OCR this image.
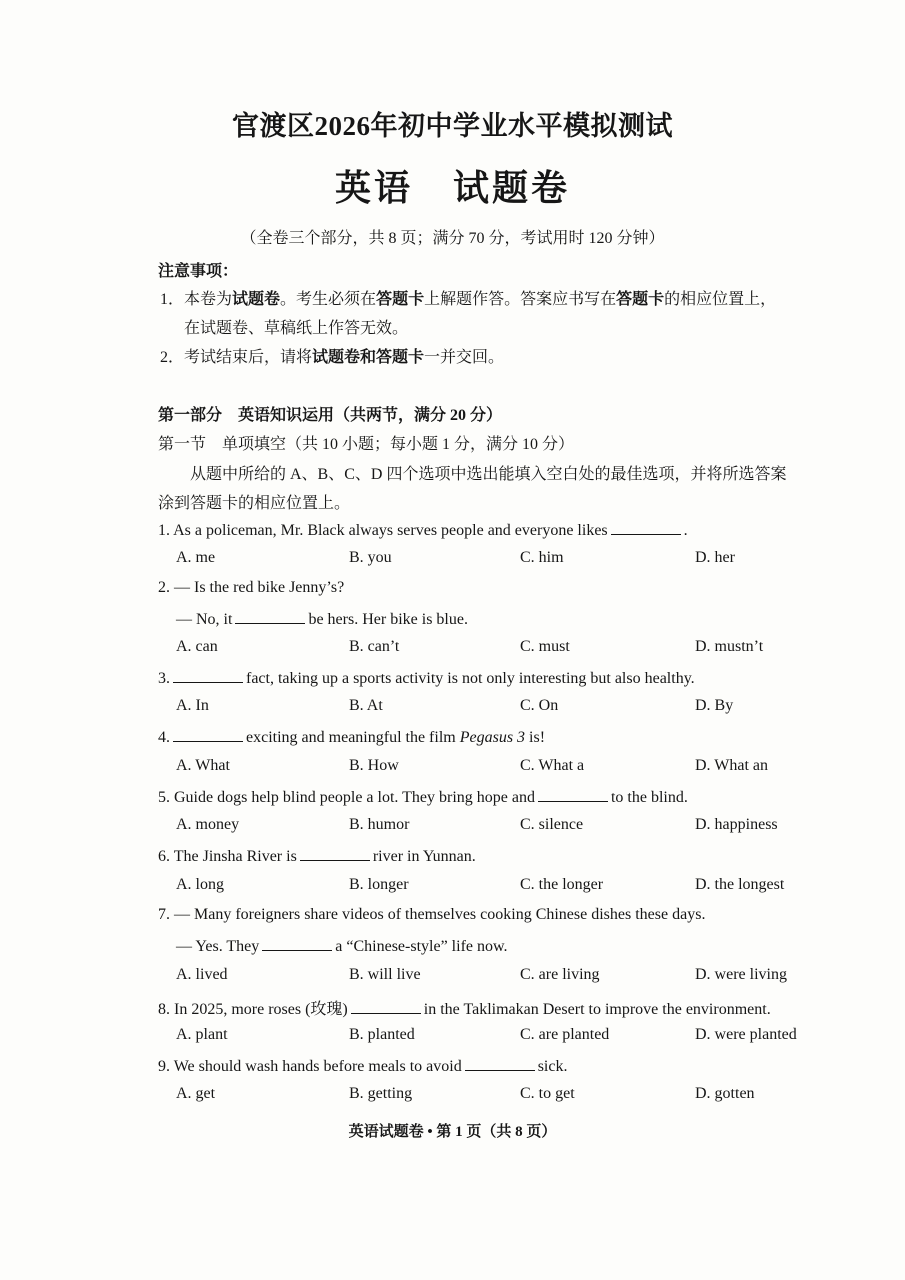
官渡区2026年初中学业水平模拟测试
英语 试题卷
（全卷三个部分，共 8 页；满分 70 分，考试用时 120 分钟）
注意事项：
1．本卷为试题卷。考生必须在答题卡上解题作答。答案应书写在答题卡的相应位置上，
在试题卷、草稿纸上作答无效。
2．考试结束后，请将试题卷和答题卡一并交回。
第一部分　英语知识运用（共两节，满分 20 分）
第一节　单项填空（共 10 小题；每小题 1 分，满分 10 分）
从题中所给的 A、B、C、D 四个选项中选出能填入空白处的最佳选项，并将所选答案
涂到答题卡的相应位置上。
1. As a policeman, Mr. Black always serves people and everyone likes	.
A. me	B. you	C. him	D. her
2. — Is the red bike Jenny’s?
— No, it	be hers. Her bike is blue.
A. can	B. can’t	C. must	D. mustn’t
3.	fact, taking up a sports activity is not only interesting but also healthy.
A. In	B. At	C. On	D. By
4.	exciting and meaningful the film Pegasus 3 is!
A. What	B. How	C. What a	D. What an
5. Guide dogs help blind people a lot. They bring hope and	to the blind.
A. money	B. humor	C. silence	D. happiness
6. The Jinsha River is	river in Yunnan.
A. long	B. longer	C. the longer	D. the longest
7. — Many foreigners share videos of themselves cooking Chinese dishes these days.
— Yes. They	a “Chinese-style” life now.
A. lived	B. will live	C. are living	D. were living
8. In 2025, more roses (玫瑰)	in the Taklimakan Desert to improve the environment.
A. plant	B. planted	C. are planted	D. were planted
9. We should wash hands before meals to avoid	sick.
A. get	B. getting	C. to get	D. gotten
英语试题卷 • 第 1 页（共 8 页）
